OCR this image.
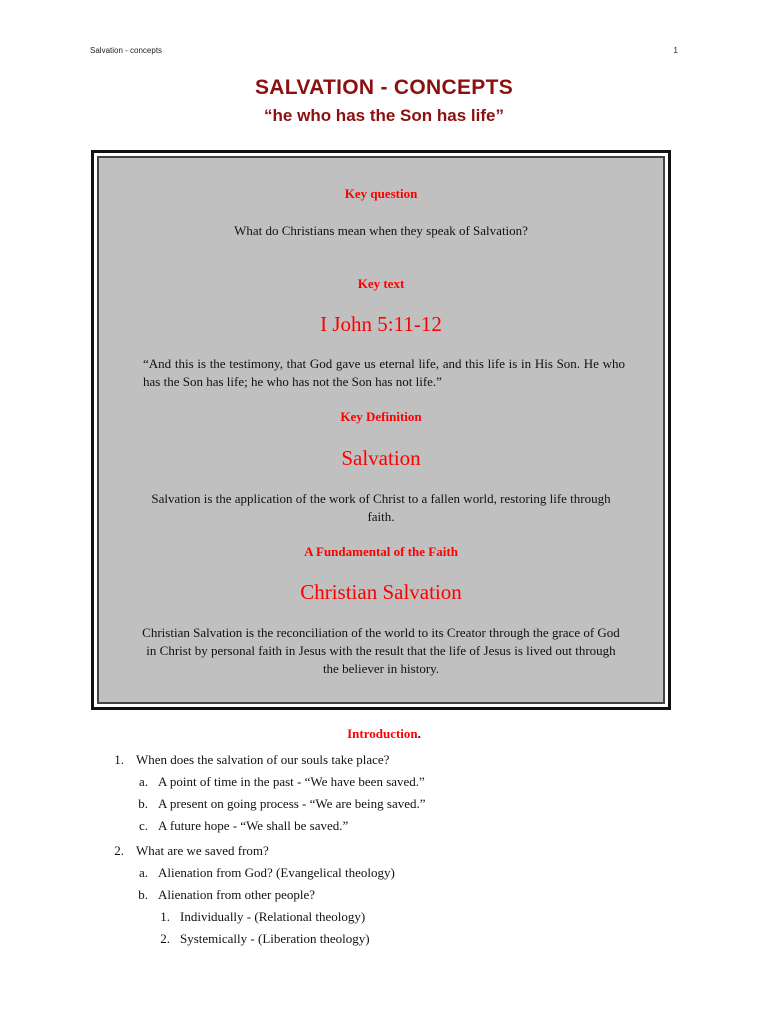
Salvation - concepts	1
SALVATION - CONCEPTS
“he who has the Son has life”
Key question
What do Christians mean when they speak of Salvation?
Key text
I John 5:11-12
“And this is the testimony, that God gave us eternal life, and this life is in His Son. He who has the Son has life; he who has not the Son has not life.”
Key Definition
Salvation
Salvation is the application of the work of Christ to a fallen world, restoring life through faith.
A Fundamental of the Faith
Christian Salvation
Christian Salvation is the reconciliation of the world to its Creator through the grace of God in Christ by personal faith in Jesus with the result that the life of Jesus is lived out through the believer in history.
Introduction.
1. When does the salvation of our souls take place?
a. A point of time in the past - “We have been saved.”
b. A present on going process - “We are being saved.”
c. A future hope - “We shall be saved.”
2. What are we saved from?
a. Alienation from God? (Evangelical theology)
b. Alienation from other people?
1. Individually - (Relational theology)
2. Systemically - (Liberation theology)
